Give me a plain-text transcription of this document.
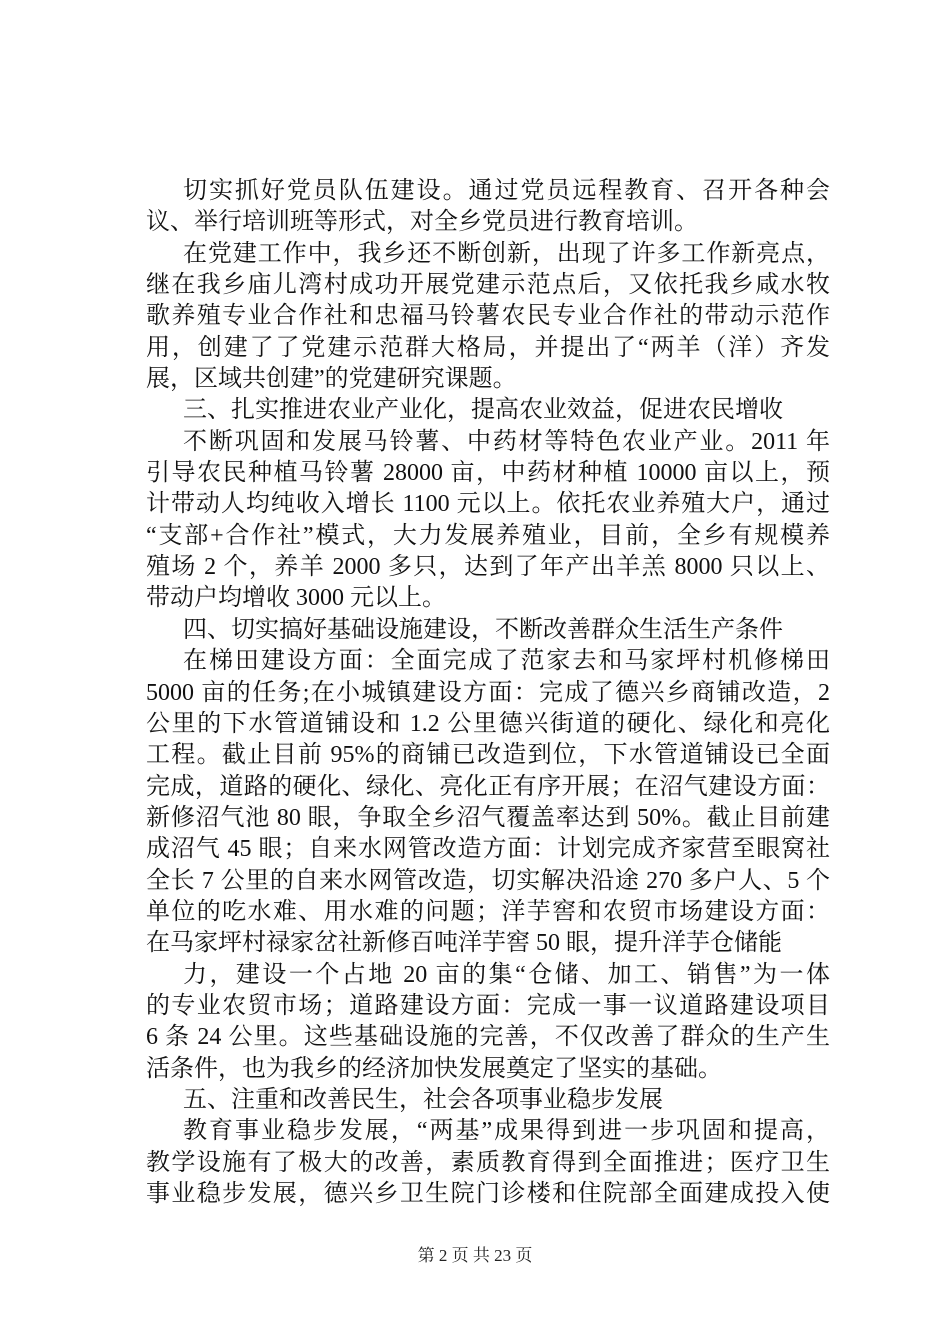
切实抓好党员队伍建设。通过党员远程教育、召开各种会
议、举行培训班等形式，对全乡党员进行教育培训。
在党建工作中，我乡还不断创新，出现了许多工作新亮点，
继在我乡庙儿湾村成功开展党建示范点后，又依托我乡咸水牧
歌养殖专业合作社和忠福马铃薯农民专业合作社的带动示范作
用，创建了了党建示范群大格局，并提出了“两羊（洋）齐发
展，区域共创建”的党建研究课题。
三、扎实推进农业产业化，提高农业效益，促进农民增收
不断巩固和发展马铃薯、中药材等特色农业产业。2011 年
引导农民种植马铃薯 28000 亩，中药材种植 10000 亩以上，预
计带动人均纯收入增长 1100 元以上。依托农业养殖大户，通过
“支部+合作社”模式，大力发展养殖业，目前，全乡有规模养
殖场 2 个，养羊 2000 多只，达到了年产出羊羔 8000 只以上、
带动户均增收 3000 元以上。
四、切实搞好基础设施建设，不断改善群众生活生产条件
在梯田建设方面：全面完成了范家去和马家坪村机修梯田
5000 亩的任务;在小城镇建设方面：完成了德兴乡商铺改造，2
公里的下水管道铺设和 1.2 公里德兴街道的硬化、绿化和亮化
工程。截止目前 95%的商铺已改造到位，下水管道铺设已全面
完成，道路的硬化、绿化、亮化正有序开展；在沼气建设方面：
新修沼气池 80 眼，争取全乡沼气覆盖率达到 50%。截止目前建
成沼气 45 眼；自来水网管改造方面：计划完成齐家营至眼窝社
全长 7 公里的自来水网管改造，切实解决沿途 270 多户人、5 个
单位的吃水难、用水难的问题；洋芋窖和农贸市场建设方面：
在马家坪村禄家岔社新修百吨洋芋窖 50 眼，提升洋芋仓储能
力，建设一个占地 20 亩的集“仓储、加工、销售”为一体
的专业农贸市场；道路建设方面：完成一事一议道路建设项目
6 条 24 公里。这些基础设施的完善，不仅改善了群众的生产生
活条件，也为我乡的经济加快发展奠定了坚实的基础。
五、注重和改善民生，社会各项事业稳步发展
教育事业稳步发展，“两基”成果得到进一步巩固和提高，
教学设施有了极大的改善，素质教育得到全面推进；医疗卫生
事业稳步发展，德兴乡卫生院门诊楼和住院部全面建成投入使
第 2 页 共 23 页
